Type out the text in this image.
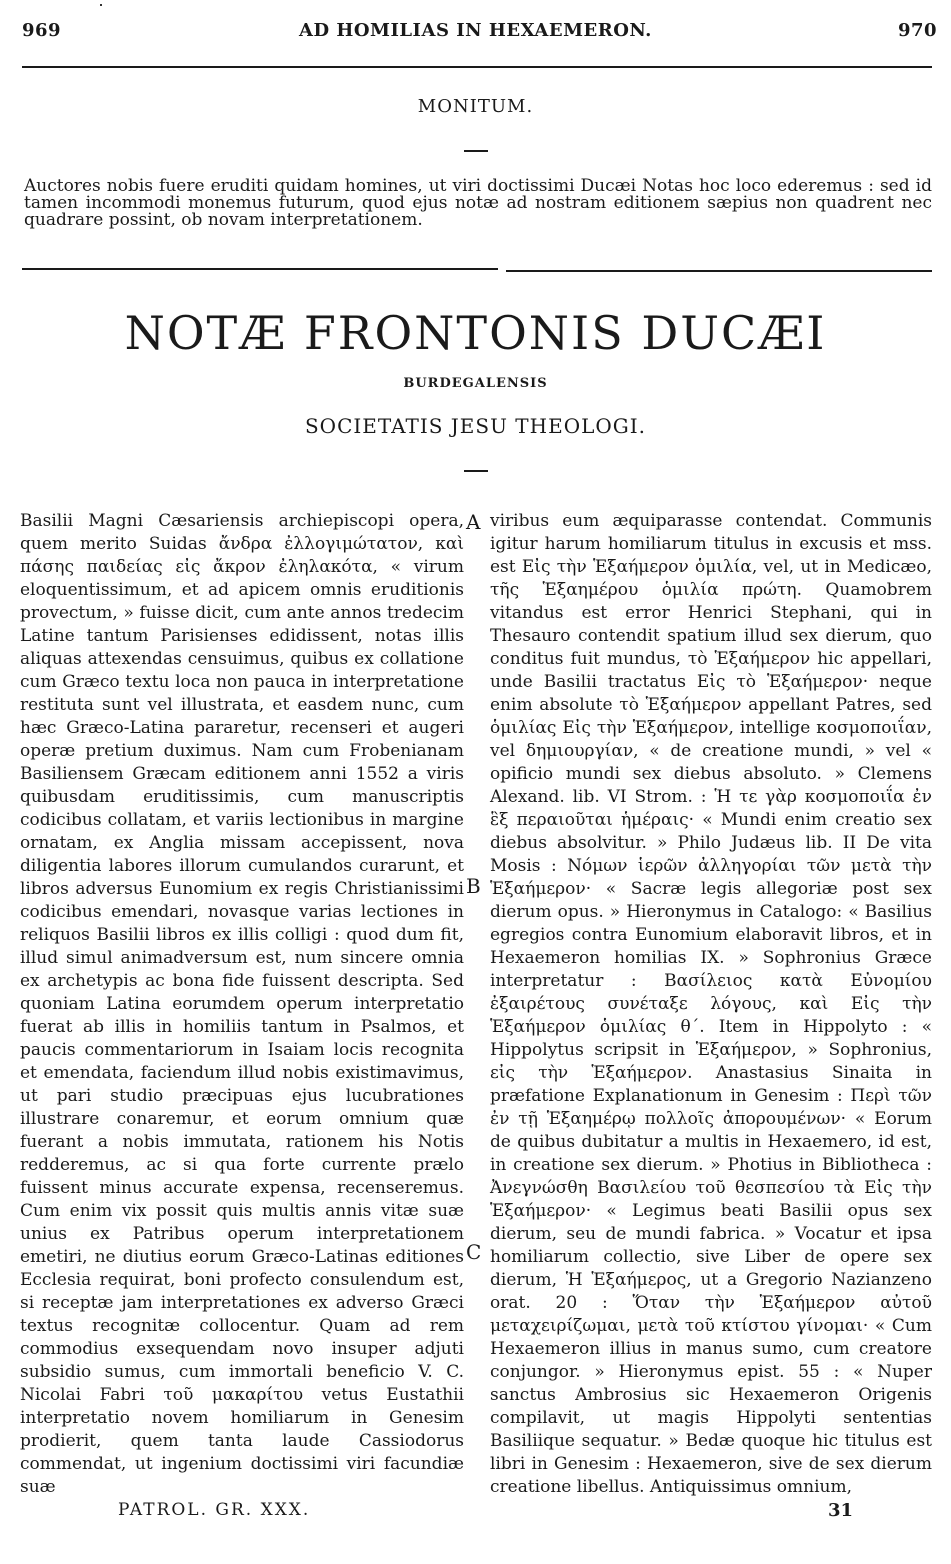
969	AD HOMILIAS IN HEXAEMERON.	970
MONITUM.
Auctores nobis fuere eruditi quidam homines, ut viri doctissimi Ducæi Notas hoc loco ederemus : sed id tamen incommodi monemus futurum, quod ejus notæ ad nostram editionem sæpius non quadrent nec quadrare possint, ob novam interpretationem.
NOTÆ FRONTONIS DUCÆI
BURDEGALENSIS
SOCIETATIS JESU THEOLOGI.

Basilii Magni Cæsariensis archiepiscopi opera, quem merito Suidas ἄνδρα ἐλλογιμώτατον, καὶ πάσης παιδείας εἰς ἄκρον ἐληλακότα, « virum eloquentissimum, et ad apicem omnis eruditionis provectum, » fuisse dicit, cum ante annos tredecim Latine tantum Parisienses edidissent, notas illis aliquas attexendas censuimus, quibus ex collatione cum Græco textu loca non pauca in interpretatione restituta sunt vel illustrata, et easdem nunc, cum hæc Græco-Latina pararetur, recenseri et augeri operæ pretium duximus. Nam cum Frobenianam Basiliensem Græcam editionem anni 1552 a viris quibusdam eruditissimis, cum manuscriptis codicibus collatam, et variis lectionibus in margine ornatam, ex Anglia missam accepissent, nova diligentia labores illorum cumulandos curarunt, et libros adversus Eunomium ex regis Christianissimi codicibus emendari, novasque varias lectiones in reliquos Basilii libros ex illis colligi : quod dum fit, illud simul animadversum est, num sincere omnia ex archetypis ac bona fide fuissent descripta. Sed quoniam Latina eorumdem operum interpretatio fuerat ab illis in homiliis tantum in Psalmos, et paucis commentariorum in Isaiam locis recognita et emendata, faciendum illud nobis existimavimus, ut pari studio præcipuas ejus lucubrationes illustrare conaremur, et eorum omnium quæ fuerant a nobis immutata, rationem his Notis redderemus, ac si qua forte currente prælo fuissent minus accurate expensa, recenseremus. Cum enim vix possit quis multis annis vitæ suæ unius ex Patribus operum interpretationem emetiri, ne diutius eorum Græco-Latinas editiones Ecclesia requirat, boni profecto consulendum est, si receptæ jam interpretationes ex adverso Græci textus recognitæ collocentur. Quam ad rem commodius exsequendam novo insuper adjuti subsidio sumus, cum immortali beneficio V. C. Nicolai Fabri τοῦ μακαρίτου vetus Eustathii interpretatio novem homiliarum in Genesim prodierit, quem tanta laude Cassiodorus commendat, ut ingenium doctissimi viri facundiæ suæ

viribus eum æquiparasse contendat. Communis igitur harum homiliarum titulus in excusis et mss. est Εἰς τὴν Ἑξαήμερον ὁμιλία, vel, ut in Medicæo, τῆς Ἑξαημέρου ὁμιλία πρώτη. Quamobrem vitandus est error Henrici Stephani, qui in Thesauro contendit spatium illud sex dierum, quo conditus fuit mundus, τὸ Ἑξαήμερον hic appellari, unde Basilii tractatus Εἰς τὸ Ἑξαήμερον· neque enim absolute τὸ Ἑξαήμερον appellant Patres, sed ὁμιλίας Εἰς τὴν Ἑξαήμερον, intellige κοσμοποιΐαν, vel δημιουργίαν, « de creatione mundi, » vel « opificio mundi sex diebus absoluto. » Clemens Alexand. lib. VI Strom. : Ἡ τε γὰρ κοσμοποιΐα ἐν ἓξ περαιοῦται ἡμέραις· « Mundi enim creatio sex diebus absolvitur. » Philo Judæus lib. II De vita Mosis : Νόμων ἱερῶν ἀλληγορίαι τῶν μετὰ τὴν Ἑξαήμερον· « Sacræ legis allegoriæ post sex dierum opus. » Hieronymus in Catalogo: « Basilius egregios contra Eunomium elaboravit libros, et in Hexaemeron homilias IX. » Sophronius Græce interpretatur : Βασίλειος κατὰ Εὐνομίου ἐξαιρέτους συνέταξε λόγους, καὶ Εἰς τὴν Ἑξαήμερον ὁμιλίας θ΄. Item in Hippolyto : « Hippolytus scripsit in Ἑξαήμερον, » Sophronius, εἰς τὴν Ἑξαήμερον. Anastasius Sinaita in præfatione Explanationum in Genesim : Περὶ τῶν ἐν τῇ Ἑξαημέρῳ πολλοῖς ἀπορουμένων· « Eorum de quibus dubitatur a multis in Hexaemero, id est, in creatione sex dierum. » Photius in Bibliotheca : Ἀνεγνώσθη Βασιλείου τοῦ θεσπεσίου τὰ Εἰς τὴν Ἑξαήμερον· « Legimus beati Basilii opus sex dierum, seu de mundi fabrica. » Vocatur et ipsa homiliarum collectio, sive Liber de opere sex dierum, Ἡ Ἑξαήμερος, ut a Gregorio Nazianzeno orat. 20 : Ὅταν τὴν Ἑξαήμερον αὐτοῦ μεταχειρίζωμαι, μετὰ τοῦ κτίστου γίνομαι· « Cum Hexaemeron illius in manus sumo, cum creatore conjungor. » Hieronymus epist. 55 : « Nuper sanctus Ambrosius sic Hexaemeron Origenis compilavit, ut magis Hippolyti sententias Basiliique sequatur. » Bedæ quoque hic titulus est libri in Genesim : Hexaemeron, sive de sex dierum creatione libellus. Antiquissimus omnium,

A
B
C
PATROL. GR. XXX.	31
